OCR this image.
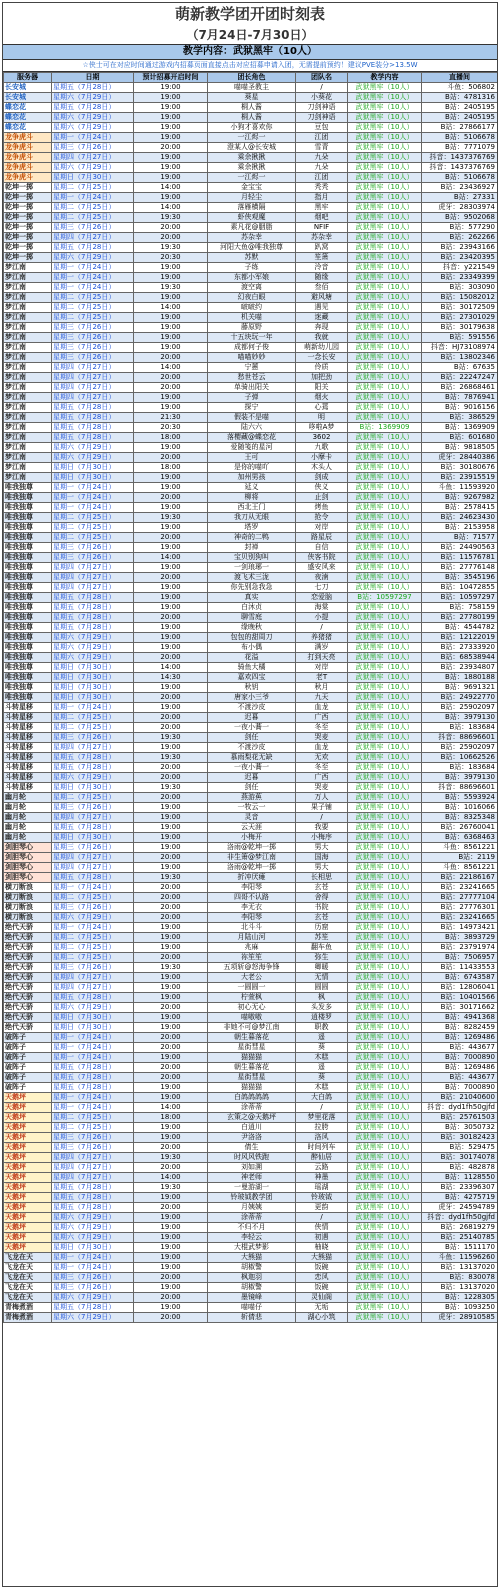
萌新教学团开团时刻表
（7月24日-7月30日）
教学内容：武狱黑牢（10人）
☆侠士可在对应时间通过游戏内招募页面直接点击对应招募申请入团，无需提前预约！建议PVE装分>13.5W
服务器	日期	预计招募开启时间	团长角色	团队名	教学内容	直播间
长安城	星期五（7月28日）	19:00	喵喵圣教主	/	武狱黑牢（10人）	斗鱼：506802
长安城	星期六（7月29日）	19:00	葵星	小葵花	武狱黑牢（10人）	B站：4781316
蝶恋花	星期五（7月28日）	19:00	桐人酱	刀剑神语	武狱黑牢（10人）	B站：2405195
蝶恋花	星期六（7月29日）	19:00	桐人酱	刀剑神语	武狱黑牢（10人）	B站：2405195
蝶恋花	星期六（7月29日）	19:00	小狗才喜欢你	豆包	武狱黑牢（10人）	B站：27866177
龙争虎斗	星期一（7月24日）	19:00	一江烬一	江团	武狱黑牢（10人）	B站：5106678
龙争虎斗	星期三（7月26日）	20:00	澄某人@长安城	雪青	武狱黑牢（10人）	B站：7771079
龙争虎斗	星期四（7月27日）	19:00	乘余揪揪	九朵	武狱黑牢（10人）	抖音：1437376769
龙争虎斗	星期六（7月29日）	19:00	乘余揪揪	九朵	武狱黑牢（10人）	抖音：1437376769
龙争虎斗	星期日（7月30日）	19:00	一江烬一	江团	武狱黑牢（10人）	B站：5106678
乾坤一掷	星期二（7月25日）	14:00	金宝宝	秃秃	武狱黑牢（10人）	B站：23436927
乾坤一掷	星期一（7月24日）	19:00	月轻尘	指月	武狱黑牢（10人）	B站：27331
乾坤一掷	星期二（7月25日）	14:00	落雁横隔	黑牢	武狱黑牢（10人）	虎牙：28303974
乾坤一掷	星期二（7月25日）	19:30	虾侠观魔	烟吧	武狱黑牢（10人）	B站：9502068
乾坤一掷	星期三（7月26日）	20:00	素凡花@胭脂	NFIF	武狱黑牢（10人）	B站：577290
乾坤一掷	星期四（7月27日）	20:00	苏杂幸	苏杂幸	武狱黑牢（10人）	B站：262266
乾坤一掷	星期五（7月28日）	19:30	河阳大鱼@唯我独尊	趴窝	武狱黑牢（10人）	B站：23943166
乾坤一掷	星期六（7月29日）	20:30	苏默	笙箫	武狱黑牢（10人）	B站：23420395
梦江南	星期一（7月24日）	19:00	子练	泠音	武狱黑牢（10人）	抖音：y221549
梦江南	星期一（7月24日）	19:00	东都小军娘	随缘	武狱黑牢（10人）	B站：23349399
梦江南	星期一（7月24日）	19:30	渡空离	叁佰	武狱黑牢（10人）	B站：303090
梦江南	星期二（7月25日）	19:00	幻夜白眼	避风塘	武狱黑牢（10人）	B站：15082012
梦江南	星期二（7月25日）	14:00	啵啵约	遇见	武狱黑牢（10人）	B站：30172509
梦江南	星期二（7月25日）	19:00	机关喵	迷藏	武狱黑牢（10人）	B站：27301029
梦江南	星期三（7月26日）	19:00	藤原野	奔现	武狱黑牢（10人）	B站：30179638
梦江南	星期三（7月26日）	19:00	十五块玩一年	我就	武狱黑牢（10人）	B站：591556
梦江南	星期三（7月26日）	19:00	成都何子俊	萌新幼儿园	武狱黑牢（10人）	抖音：HJ73108974
梦江南	星期三（7月26日）	20:00	喵喵妙妙	一念长安	武狱黑牢（10人）	B站：13802346
梦江南	星期四（7月27日）	14:00	宁蕙	伶质	武狱黑牢（10人）	B站：67635
梦江南	星期四（7月27日）	20:00	愁世苍云	加把劲	武狱黑牢（10人）	B站：22247247
梦江南	星期四（7月27日）	20:00	单骑出阳关	阳关	武狱黑牢（10人）	B站：26868461
梦江南	星期四（7月27日）	19:00	子弹	烟火	武狱黑牢（10人）	B站：7876941
梦江南	星期五（7月28日）	19:00	探宁	心蔫	武狱黑牢（10人）	B站：9016156
梦江南	星期五（7月28日）	21:30	假装不是喵	明	武狱黑牢（10人）	B站：386529
梦江南	星期五（7月28日）	20:30	陆六六	哆啦A梦	B站：1369909	B站：1369909
梦江南	星期五（7月28日）	18:00	落樱藏@蝶恋花	3602	武狱黑牢（10人）	B站：601680
梦江南	星期六（7月29日）	19:00	爱随笺的星河	九歌	武狱黑牢（10人）	B站：9818505
梦江南	星期六（7月29日）	20:00	王可	小摩卡	武狱黑牢（10人）	虎牙：28440386
梦江南	星期日（7月30日）	18:00	是你的喵吖	木头人	武狱黑牢（10人）	B站：30180676
梦江南	星期日（7月30日）	19:00	加州男孩	剑成	武狱黑牢（10人）	B站：23915519
唯我独尊	星期一（7月24日）	19:00	延义	侠义	武狱黑牢（10人）	斗鱼：11593920
唯我独尊	星期一（7月24日）	20:00	柳将	止剑	武狱黑牢（10人）	B站：9267982
唯我独尊	星期一（7月24日）	19:00	西北王门	烤鱼	武狱黑牢（10人）	B站：2578415
唯我独尊	星期二（7月25日）	19:30	我刀从无眼	抢令	武狱黑牢（10人）	B站：24623430
唯我独尊	星期二（7月25日）	19:00	塔罗	对岸	武狱黑牢（10人）	B站：2153958
唯我独尊	星期二（7月25日）	20:00	神奇的二鸭	路星辰	武狱黑牢（10人）	B站：71577
唯我独尊	星期三（7月26日）	19:00	封禅	自信	武狱黑牢（10人）	B站：24490563
唯我独尊	星期三（7月26日）	14:00	宝贝别狗叫	侠客书院	武狱黑牢（10人）	B站：11576781
唯我独尊	星期四（7月27日）	19:00	一剑琅琊一	盛安风来	武狱黑牢（10人）	B站：27776148
唯我独尊	星期四（7月27日）	20:00	渡飞术三泷	夜湳	武狱黑牢（10人）	B站：3545196
唯我独尊	星期四（7月27日）	19:00	你先别急我急	七刀	武狱黑牢（10人）	B站：10472855
唯我独尊	星期五（7月28日）	19:00	真实	恋爱脑	B站：10597297	B站：10597297
唯我独尊	星期五（7月28日）	19:00	白沐贞	海棠	武狱黑牢（10人）	B站：758159
唯我独尊	星期五（7月28日）	20:00	聊雪庭	小提	武狱黑牢（10人）	B站：27780199
唯我独尊	星期五（7月28日）	19:00	缘晚秋	/	武狱黑牢（10人）	B站：4544782
唯我独尊	星期六（7月29日）	19:00	包包的甜周刀	养猪猪	武狱黑牢（10人）	B站：12122019
唯我独尊	星期六（7月29日）	19:00	布小偶	满岁	武狱黑牢（10人）	B站：27333920
唯我独尊	星期六（7月29日）	20:00	花溢	打到天亮	武狱黑牢（10人）	B站：68538944
唯我独尊	星期日（7月30日）	14:00	骑鱼大橘	对岸	武狱黑牢（10人）	B站：23934807
唯我独尊	星期日（7月30日）	14:30	嘉欢四宝	老T	武狱黑牢（10人）	B站：1880188
唯我独尊	星期日（7月30日）	19:00	秋钥	秋月	武狱黑牢（10人）	B站：9691321
唯我独尊	星期日（7月30日）	20:00	唐家小三爷	九天	武狱黑牢（10人）	B站：24922770
斗转星移	星期一（7月24日）	19:00	不渡沙皮	血龙	武狱黑牢（10人）	B站：25902097
斗转星移	星期二（7月25日）	20:00	迟暮	广西	武狱黑牢（10人）	B站：3979130
斗转星移	星期二（7月25日）	20:00	一夜小蕎一	冬至	武狱黑牢（10人）	B站：183684
斗转星移	星期三（7月26日）	19:30	剑任	哭麦	武狱黑牢（10人）	抖音：88696601
斗转星移	星期四（7月27日）	19:00	不渡沙皮	血龙	武狱黑牢（10人）	B站：25902097
斗转星移	星期五（7月28日）	19:30	慕雨梨花无缺	无欢	武狱黑牢（10人）	B站：10662526
斗转星移	星期五（7月28日）	20:00	一夜小蕎一	冬至	武狱黑牢（10人）	B站：183684
斗转星移	星期六（7月29日）	20:00	迟暮	广西	武狱黑牢（10人）	B站：3979130
斗转星移	星期日（7月30日）	19:30	剑任	哭麦	武狱黑牢（10人）	抖音：88696601
幽月轮	星期二（7月25日）	20:00	燕游蕉	万人	武狱黑牢（10人）	B站：5593924
幽月轮	星期三（7月26日）	19:00	一牧云一	果子铺	武狱黑牢（10人）	B站：1016066
幽月轮	星期四（7月27日）	19:00	灵音	/	武狱黑牢（10人）	B站：8325348
幽月轮	星期五（7月28日）	19:00	云天涯	我要	武狱黑牢（10人）	B站：26760041
幽月轮	星期日（7月30日）	19:00	小梅开	小梅序	武狱黑牢（10人）	B站：6368463
剑胆琴心	星期三（7月26日）	19:00	洛雨@乾坤一掷	男大	武狱黑牢（10人）	斗鱼：8561221
剑胆琴心	星期四（7月27日）	20:00	非生箫@梦江南	国海	武狱黑牢（10人）	B站：2119
剑胆琴心	星期四（7月27日）	19:00	洛雨@乾坤一掷	男大	武狱黑牢（10人）	斗鱼：8561221
剑胆琴心	星期五（7月28日）	19:30	折冲厌瘫	长相思	武狱黑牢（10人）	B站：22186167
横刀断浪	星期一（7月24日）	20:00	李阳琴	玄苍	武狱黑牢（10人）	B站：23241665
横刀断浪	星期二（7月25日）	20:00	四哥不认路	舍得	武狱黑牢（10人）	B站：27777104
横刀断浪	星期三（7月26日）	20:00	李无衣	书院	武狱黑牢（10人）	B站：27776301
横刀断浪	星期六（7月29日）	20:00	李阳琴	玄苍	武狱黑牢（10人）	B站：23241665
绝代天骄	星期一（7月24日）	19:00	北斗斗	历窟	武狱黑牢（10人）	B站：14973421
绝代天骄	星期二（7月25日）	19:00	月陆山河	苏笙	武狱黑牢（10人）	B站：3893729
绝代天骄	星期二（7月25日）	19:00	兆麻	翻车鱼	武狱黑牢（10人）	B站：23791974
绝代天骄	星期二（7月25日）	20:00	祢笙笙	弥生	武狱黑牢（10人）	B站：7506957
绝代天骄	星期三（7月26日）	19:30	五项斩@怒海争锋	卿暖	武狱黑牢（10人）	B站：11433553
绝代天骄	星期四（7月27日）	19:00	大老公	无情	武狱黑牢（10人）	B站：6743587
绝代天骄	星期四（7月27日）	19:00	一圆圆一	圆圆	武狱黑牢（10人）	B站：12806041
绝代天骄	星期五（7月28日）	19:00	柠萱枫	枫	武狱黑牢（10人）	B站：10401566
绝代天骄	星期六（7月29日）	20:00	初心无心	头发多	武狱黑牢（10人）	B站：30171662
绝代天骄	星期日（7月30日）	19:00	喵嗷嗷	逍楼罗	武狱黑牢（10人）	B站：4941368
绝代天骄	星期日（7月30日）	19:00	非她不可@梦江南	职教	武狱黑牢（10人）	B站：8282459
破阵子	星期一（7月24日）	20:00	朝生暮落花	遥	武狱黑牢（10人）	B站：1269486
破阵子	星期一（7月24日）	20:00	星街彗星	葵	武狱黑牢（10人）	B站：443677
破阵子	星期一（7月24日）	19:00	猫猫猫	木糕	武狱黑牢（10人）	B站：7000890
破阵子	星期五（7月28日）	20:00	朝生暮落花	遥	武狱黑牢（10人）	B站：1269486
破阵子	星期五（7月28日）	20:00	星街彗星	葵	武狱黑牢（10人）	B站：443677
破阵子	星期五（7月28日）	19:00	猫猫猫	木糕	武狱黑牢（10人）	B站：7000890
天鹅坪	星期一（7月24日）	19:00	白鸽鸽鸽鸽	大白鸽	武狱黑牢（10人）	B站：21040600
天鹅坪	星期一（7月24日）	14:00	涂蒂蒂	/	武狱黑牢（10人）	抖音：dyd1fh50gjfd
天鹅坪	星期二（7月25日）	18:00	玄策之@天鹅坪	梦里花落	武狱黑牢（10人）	B站：25761503
天鹅坪	星期二（7月25日）	19:00	白逍川	拉胯	武狱黑牢（10人）	B站：3050732
天鹅坪	星期三（7月26日）	19:00	尹洛洛	洛风	武狱黑牢（10人）	B站：30182423
天鹅坪	星期三（7月26日）	20:00	倩生	时间列车	武狱黑牢（10人）	B站：529475
天鹅坪	星期四（7月27日）	19:30	时风风铁跑	醉仙居	武狱黑牢（10人）	B站：30174078
天鹅坪	星期四（7月27日）	20:00	刘如溯	云路	武狱黑牢（10人）	B站：482878
天鹅坪	星期四（7月27日）	14:00	神老师	神墨	武狱黑牢（10人）	B站：1128550
天鹅坪	星期五（7月28日）	19:30	一曼游湖一	瑶湖	武狱黑牢（10人）	B站：23396307
天鹅坪	星期五（7月28日）	19:00	铃玻钺教学团	铃玻钺	武狱黑牢（10人）	B站：4275719
天鹅坪	星期五（7月28日）	20:00	月姨姨	更韵	武狱黑牢（10人）	虎牙：24594789
天鹅坪	星期六（7月29日）	19:00	涂蒂蒂	/	武狱黑牢（10人）	抖音：dyd1fh50gjfd
天鹅坪	星期六（7月29日）	19:00	不归不月	侠情	武狱黑牢（10人）	B站：26819279
天鹅坪	星期六（7月29日）	19:00	李轻云	初遇	武狱黑牢（10人）	B站：25140785
天鹅坪	星期日（7月30日）	19:00	大棍武梦影	柚晓	武狱黑牢（10人）	B站：1511170
飞龙在天	星期一（7月24日）	19:00	大熊猫	大熊猫	武狱黑牢（10人）	斗鱼：11596260
飞龙在天	星期一（7月24日）	19:00	胡椒警	饭碗	武狱黑牢（10人）	B站：13137020
飞龙在天	星期三（7月26日）	20:00	枫迦羽	恋风	武狱黑牢（10人）	B站：830078
飞龙在天	星期三（7月26日）	19:00	胡椒警	饭碗	武狱黑牢（10人）	B站：13137020
飞龙在天	星期六（7月29日）	20:00	墨镜峰	灵仙阁	武狱黑牢（10人）	B站：1228305
青梅煮酒	星期五（7月28日）	19:00	喵喵仔	无垢	武狱黑牢（10人）	B站：1093250
青梅煮酒	星期六（7月29日）	20:00	斩倩悲	湖心小筑	武狱黑牢（10人）	虎牙：28910585
